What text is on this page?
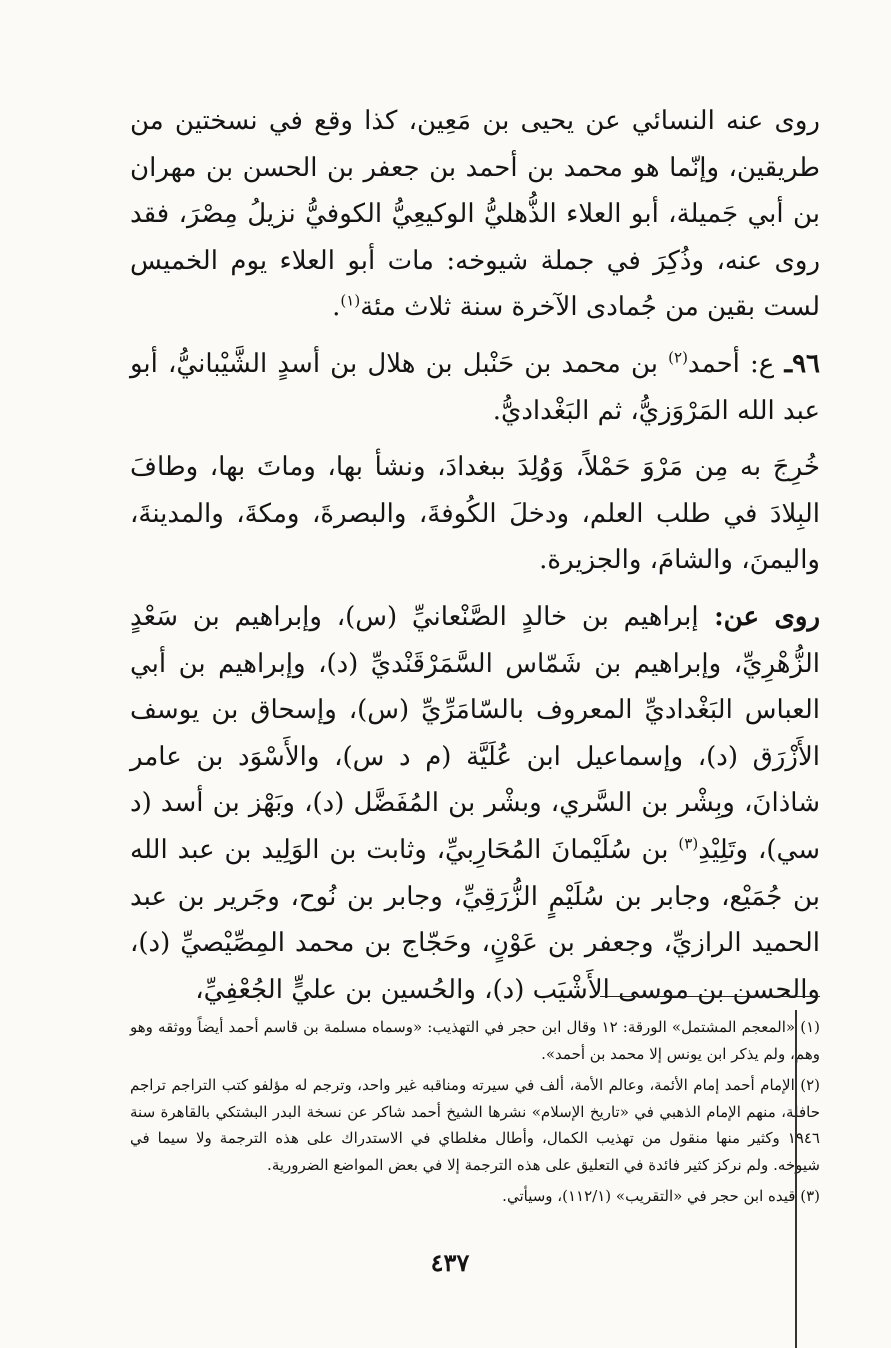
روى عنه النسائي عن يحيى بن مَعِين، كذا وقع في نسختين من طريقين، وإنّما هو محمد بن أحمد بن جعفر بن الحسن بن مهران بن أبي جَميلة، أبو العلاء الذُّهليُّ الوكيعِيُّ الكوفيُّ نزيلُ مِصْرَ، فقد روى عنه، وذُكِرَ في جملة شيوخه: مات أبو العلاء يوم الخميس لست بقين من جُمادى الآخرة سنة ثلاث مئة$^{(١)}$.

٩٦ـ ع: أحمد$^{(٢)}$ بن محمد بن حَنْبل بن هلال بن أسدٍ الشَّيْبانيُّ، أبو عبد الله المَرْوَزيُّ، ثم البَغْداديُّ.

خُرِجَ به مِن مَرْوَ حَمْلاً، وَوُلِدَ ببغدادَ، ونشأ بها، وماتَ بها، وطافَ البِلادَ في طلب العلم، ودخلَ الكُوفةَ، والبصرةَ، ومكةَ، والمدينةَ، واليمنَ، والشامَ، والجزيرة.

روى عن: إبراهيم بن خالدٍ الصَّنْعانيِّ (س)، وإبراهيم بن سَعْدٍ الزُّهْرِيِّ، وإبراهيم بن شَمّاس السَّمَرْقَنْديِّ (د)، وإبراهيم بن أبي العباس البَغْداديِّ المعروف بالسّامَرِّيِّ (س)، وإسحاق بن يوسف الأَزْرَق (د)، وإسماعيل ابن عُلَيَّة (م د س)، والأَسْوَد بن عامر شاذانَ، وبِشْر بن السَّري، وبشْر بن المُفَضَّل (د)، وبَهْز بن أسد (د سي)، وتَلِيْدِ$^{(٣)}$ بن سُلَيْمانَ المُحَارِبيِّ، وثابت بن الوَلِيد بن عبد الله بن جُمَيْع، وجابر بن سُلَيْمٍ الزُّرَقِيِّ، وجابر بن نُوح، وجَرير بن عبد الحميد الرازيِّ، وجعفر بن عَوْنٍ، وحَجّاج بن محمد المِصِّيْصيِّ (د)، والحسن بن موسى الأَشْيَب (د)، والحُسين بن عليٍّ الجُعْفِيِّ،

(١) «المعجم المشتمل» الورقة: ١٢ وقال ابن حجر في التهذيب: «وسماه مسلمة بن قاسم أحمد أيضاً ووثقه وهو وهم، ولم يذكر ابن يونس إلا محمد بن أحمد».

(٢) الإمام أحمد إمام الأئمة، وعالم الأمة، ألف في سيرته ومناقبه غير واحد، وترجم له مؤلفو كتب التراجم تراجم حافلة، منهم الإمام الذهبي في «تاريخ الإسلام» نشرها الشيخ أحمد شاكر عن نسخة البدر البشتكي بالقاهرة سنة ١٩٤٦ وكثير منها منقول من تهذيب الكمال، وأطال مغلطاي في الاستدراك على هذه الترجمة ولا سيما في شيوخه. ولم نركز كثير فائدة في التعليق على هذه الترجمة إلا في بعض المواضع الضرورية.

(٣) قيده ابن حجر في «التقريب» (١١٢/١)، وسيأتي.

٤٣٧
